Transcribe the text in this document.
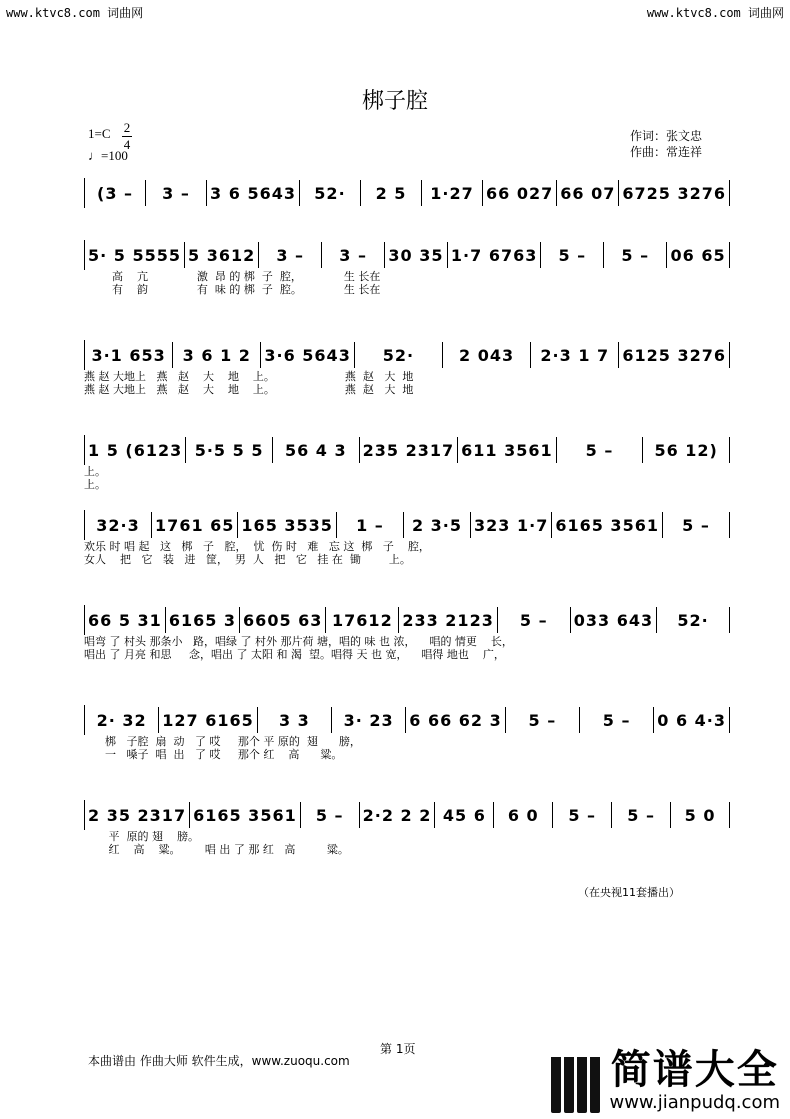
www.ktvc8.com 词曲网	www.ktvc8.com 词曲网
梆子腔
1=C 2
4
♩=100
作词：张文忠
作曲：常连祥
(3 –	3 –	3 6 5643	52·	2 5	1·27 66 027 66 07 6725 3276
5· 5 5555 5 3612	3 –	3 –	30 35 1·7 6763	5 –	5 –	06 65
高    亢              激  昂 的 梆  子  腔，            生 长在
有    韵              有  味 的 梆  子  腔。            生 长在
3·1 653	3 6 1 2 3·6 5643	52·	2 043	2·3 1 7 6125 3276
燕 赵 大地上   燕   赵    大    地    上。                    燕  赵   大  地
燕 赵 大地上   燕   赵    大    地    上。                    燕  赵   大  地
1 5 (6123 5·5 5 5	56 4 3	235 2317 611 3561	5 –	56 12)
上。
上。
32·3 1761 65 165 3535	1 –	2 3·5 323 1·7 6165 3561	5 –
欢乐 时 唱 起   这   梆   子   腔，  忧  伤 时   难   忘 这  梆   子    腔，
女人    把   它   装   进   筐，  男  人   把   它   挂 在  锄        上。
66 5 31 6165 3 6605 63 17612 233 2123	5 –	033 643	52·
唱弯 了 村头 那条小   路，唱绿 了 村外 那片荷 塘，唱的 味 也 浓，    唱的 情更    长，
唱出 了 月亮 和思     念，唱出 了 太阳 和 渴  望。唱得 天 也 宽，    唱得 地也    广，
2· 32 127 6165	3 3	3· 23 6 66 62 3	5 –	5 –	0 6 4·3
梆   子腔  扇  动   了 哎     那个 平 原的  翅      膀，
一   嗓子  唱  出   了 哎     那个 红    高      粱。
2 35 2317 6165 3561	5 –	2·2 2 2 45 6	6 0	5 –	5 –	5 0
平  原的 翅    膀。
红    高    粱。       唱 出 了 那 红   高         粱。
（在央视11套播出）
第 1页
本曲谱由 作曲大师 软件生成，www.zuoqu.com	简谱大全
www.jianpudq.com
